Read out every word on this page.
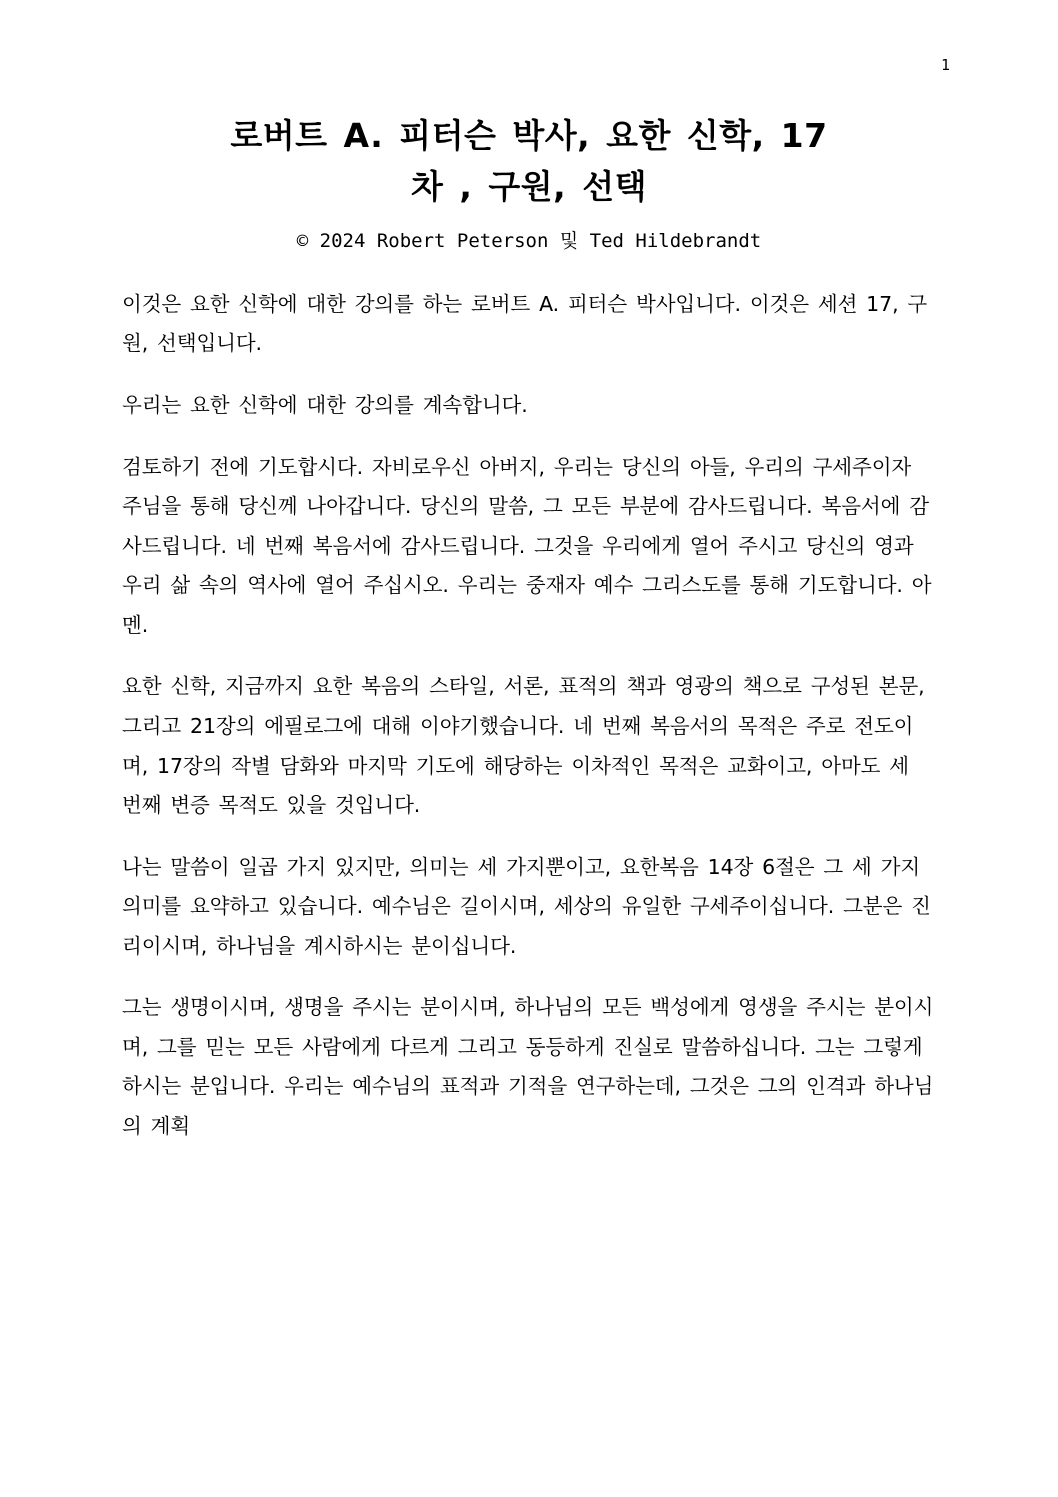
1
로버트 A. 피터슨 박사, 요한 신학, 17
차 , 구원, 선택

© 2024 Robert Peterson 및 Ted Hildebrandt

이것은 요한 신학에 대한 강의를 하는 로버트 A. 피터슨 박사입니다. 이것은 세션 17, 구원, 선택입니다.

우리는 요한 신학에 대한 강의를 계속합니다.

검토하기 전에 기도합시다. 자비로우신 아버지, 우리는 당신의 아들, 우리의 구세주이자 주님을 통해 당신께 나아갑니다. 당신의 말씀, 그 모든 부분에 감사드립니다. 복음서에 감사드립니다. 네 번째 복음서에 감사드립니다. 그것을 우리에게 열어 주시고 당신의 영과 우리 삶 속의 역사에 열어 주십시오. 우리는 중재자 예수 그리스도를 통해 기도합니다. 아멘.

요한 신학, 지금까지 요한 복음의 스타일, 서론, 표적의 책과 영광의 책으로 구성된 본문, 그리고 21장의 에필로그에 대해 이야기했습니다. 네 번째 복음서의 목적은 주로 전도이며, 17장의 작별 담화와 마지막 기도에 해당하는 이차적인 목적은 교화이고, 아마도 세 번째 변증 목적도 있을 것입니다.

나는 말씀이 일곱 가지 있지만, 의미는 세 가지뿐이고, 요한복음 14장 6절은 그 세 가지 의미를 요약하고 있습니다. 예수님은 길이시며, 세상의 유일한 구세주이십니다. 그분은 진리이시며, 하나님을 계시하시는 분이십니다.

그는 생명이시며, 생명을 주시는 분이시며, 하나님의 모든 백성에게 영생을 주시는 분이시며, 그를 믿는 모든 사람에게 다르게 그리고 동등하게 진실로 말씀하십니다. 그는 그렇게 하시는 분입니다. 우리는 예수님의 표적과 기적을 연구하는데, 그것은 그의 인격과 하나님의 계획
